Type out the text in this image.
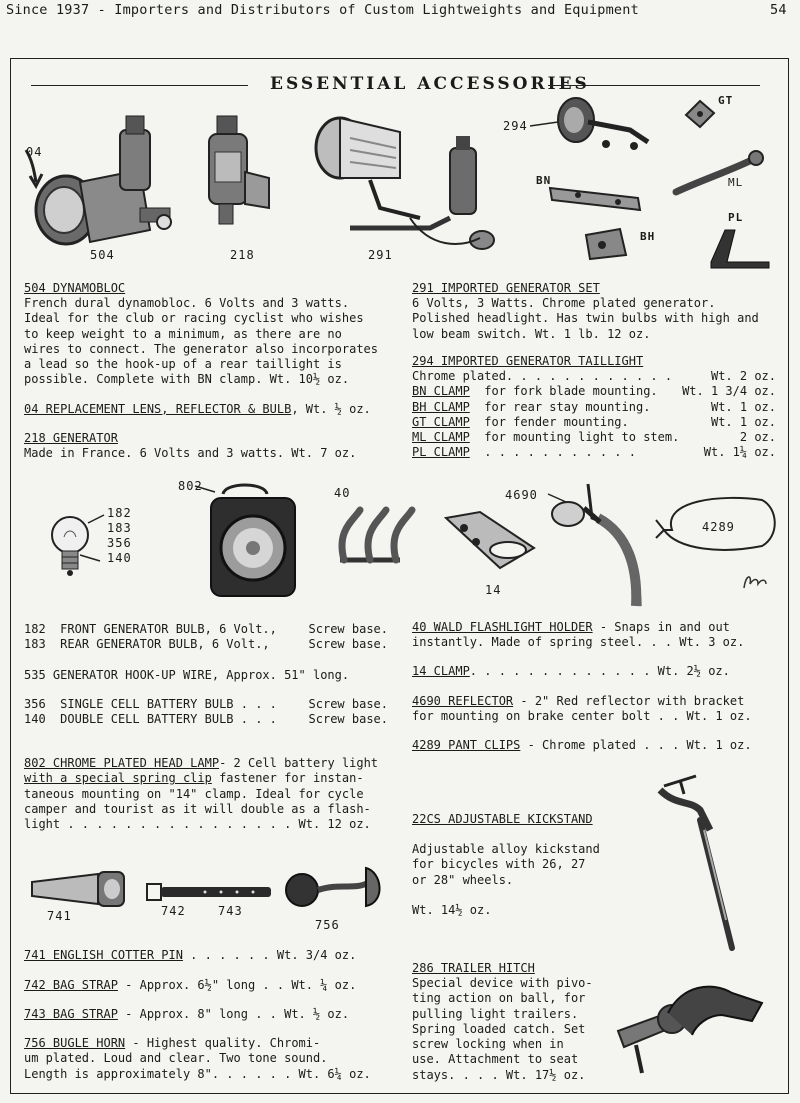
Since 1937 - Importers and Distributors of Custom Lightweights and Equipment	54
ESSENTIAL ACCESSORIES
04
504	218	291
294
GT
BN	ML
PL
BH
504 DYNAMOBLOC
French dural dynamobloc. 6 Volts and 3 watts.
Ideal for the club or racing cyclist who wishes
to keep weight to a minimum, as there are no
wires to connect. The generator also incorporates
a lead so the hook-up of a rear taillight is
possible. Complete with BN clamp. Wt. 10½ oz.
04 REPLACEMENT LENS, REFLECTOR & BULB, Wt. ½ oz.
218 GENERATOR
Made in France. 6 Volts and 3 watts. Wt. 7 oz.
291 IMPORTED GENERATOR SET
6 Volts, 3 Watts. Chrome plated generator.
Polished headlight. Has twin bulbs with high and
low beam switch. Wt. 1 lb. 12 oz.
294 IMPORTED GENERATOR TAILLIGHT
Chrome plated. . . . . . . . . . . .	Wt. 2 oz.
BN CLAMP for fork blade mounting. Wt. 1 3/4 oz.
BH CLAMP for rear stay mounting.	Wt. 1 oz.
GT CLAMP for fender mounting.	Wt. 1 oz.
ML CLAMP for mounting light to stem.	2 oz.
PL CLAMP . . . . . . . . . . .	Wt. 1¼ oz.
182
183
356
140
802	40
14
4690
4289
182 FRONT GENERATOR BULB, 6 Volt.,	Screw base.
183 REAR GENERATOR BULB, 6 Volt.,	Screw base.
535 GENERATOR HOOK-UP WIRE, Approx. 51" long.
356 SINGLE CELL BATTERY BULB . . .	Screw base.
140 DOUBLE CELL BATTERY BULB . . .	Screw base.
802 CHROME PLATED HEAD LAMP- 2 Cell battery light
with a special spring clip fastener for instan-
taneous mounting on "14" clamp. Ideal for cycle
camper and tourist as it will double as a flash-
light . . . . . . . . . . . . . . . . Wt. 12 oz.
40 WALD FLASHLIGHT HOLDER - Snaps in and out
instantly. Made of spring steel. . . Wt. 3 oz.
14 CLAMP. . . . . . . . . . . . . Wt. 2½ oz.
4690 REFLECTOR - 2" Red reflector with bracket
for mounting on brake center bolt . . Wt. 1 oz.
4289 PANT CLIPS - Chrome plated . . . Wt. 1 oz.
741	742	743
756
741 ENGLISH COTTER PIN . . . . . . Wt. 3/4 oz.
742 BAG STRAP - Approx. 6½" long . . Wt. ¼ oz.
743 BAG STRAP - Approx. 8" long . . Wt. ½ oz.
756 BUGLE HORN - Highest quality. Chromi-
um plated. Loud and clear. Two tone sound.
Length is approximately 8". . . . . . Wt. 6¼ oz.
22CS ADJUSTABLE KICKSTAND
Adjustable alloy kickstand
for bicycles with 26, 27
or 28" wheels.
Wt. 14½ oz.
286 TRAILER HITCH
Special device with pivo-
ting action on ball, for
pulling light trailers.
Spring loaded catch. Set
screw locking when in
use. Attachment to seat
stays. . . . Wt. 17½ oz.
